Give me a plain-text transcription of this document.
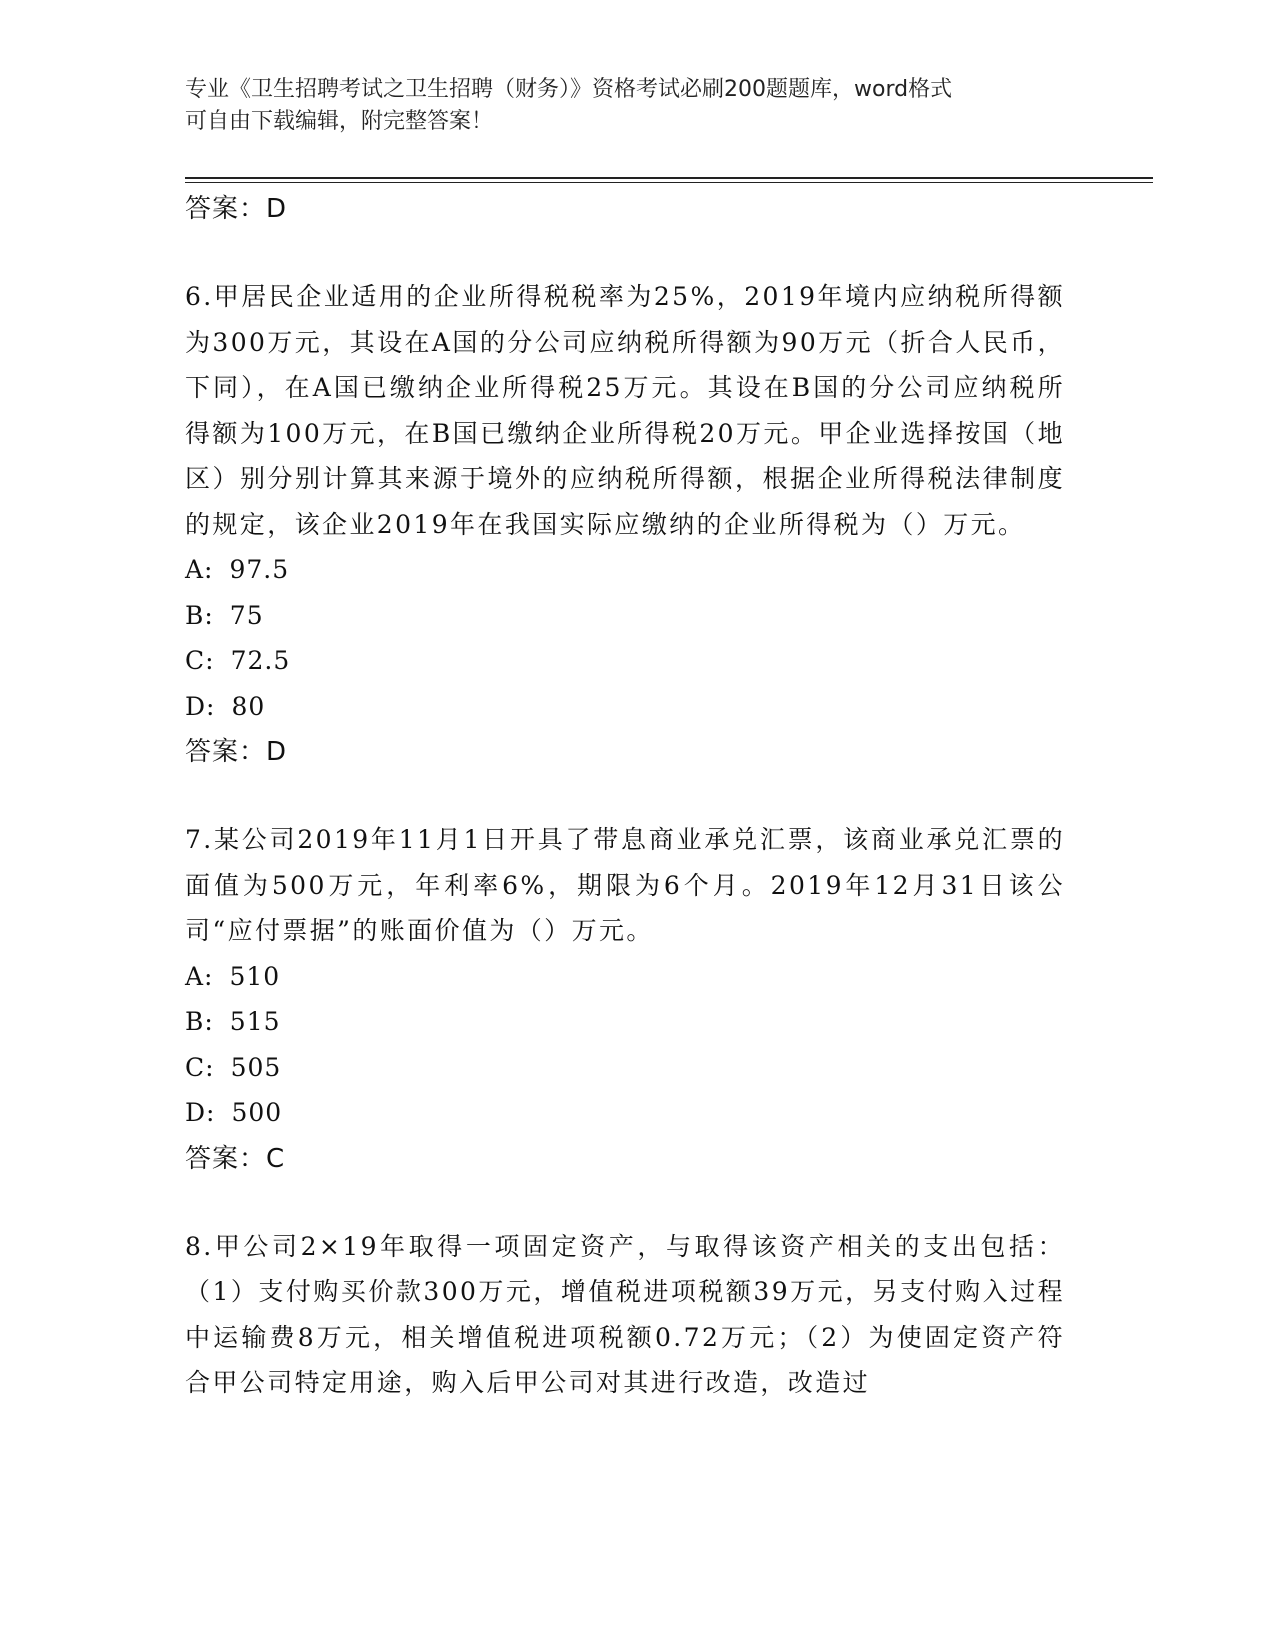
专业《卫生招聘考试之卫生招聘（财务）》资格考试必刷200题题库，word格式
可自由下载编辑，附完整答案！
答案：D
6.甲居民企业适用的企业所得税税率为25%，2019年境内应纳税所得额为300万元，其设在A国的分公司应纳税所得额为90万元（折合人民币，下同），在A国已缴纳企业所得税25万元。其设在B国的分公司应纳税所得额为100万元，在B国已缴纳企业所得税20万元。甲企业选择按国（地区）别分别计算其来源于境外的应纳税所得额，根据企业所得税法律制度的规定，该企业2019年在我国实际应缴纳的企业所得税为（）万元。
A: 97.5
B: 75
C: 72.5
D: 80
答案：D
7.某公司2019年11月1日开具了带息商业承兑汇票，该商业承兑汇票的面值为500万元，年利率6%，期限为6个月。2019年12月31日该公司“应付票据”的账面价值为（）万元。
A: 510
B: 515
C: 505
D: 500
答案：C
8.甲公司2×19年取得一项固定资产，与取得该资产相关的支出包括：（1）支付购买价款300万元，增值税进项税额39万元，另支付购入过程中运输费8万元，相关增值税进项税额0.72万元；（2）为使固定资产符合甲公司特定用途，购入后甲公司对其进行改造，改造过
